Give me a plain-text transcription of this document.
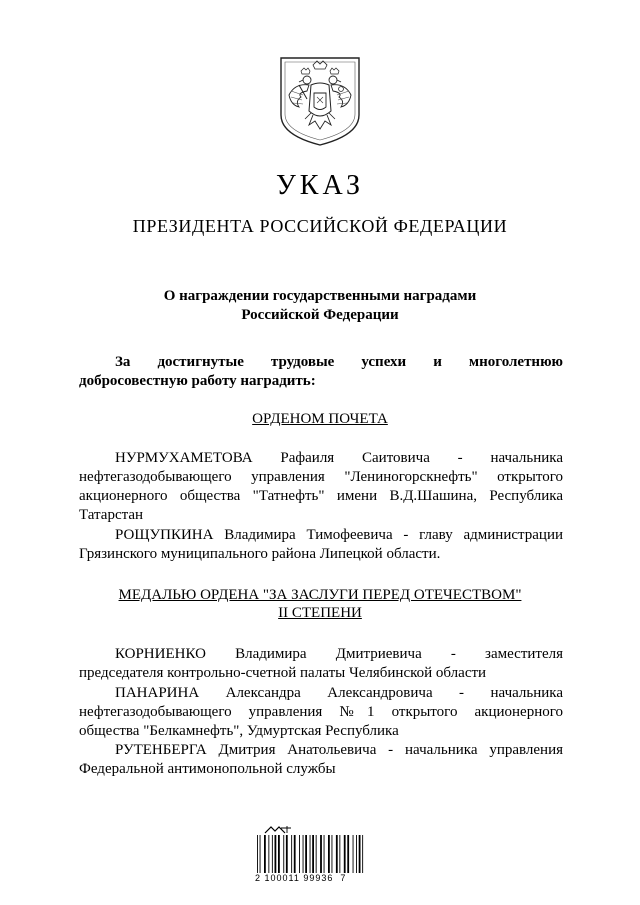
УКАЗ
ПРЕЗИДЕНТА РОССИЙСКОЙ ФЕДЕРАЦИИ
О награждении государственными наградами
Российской Федерации
За достигнутые трудовые успехи и многолетнюю
добросовестную работу наградить:
ОРДЕНОМ ПОЧЕТА
НУРМУХАМЕТОВА Рафаиля Саитовича - начальника
нефтегазодобывающего управления "Лениногорскнефть" открытого
акционерного общества "Татнефть" имени В.Д.Шашина, Республика
Татарстан
РОЩУПКИНА Владимира Тимофеевича - главу администрации
Грязинского муниципального района Липецкой области.
МЕДАЛЬЮ ОРДЕНА "ЗА ЗАСЛУГИ ПЕРЕД ОТЕЧЕСТВОМ"
II СТЕПЕНИ
КОРНИЕНКО Владимира Дмитриевича - заместителя
председателя контрольно-счетной палаты Челябинской области
ПАНАРИНА Александра Александровича - начальника
нефтегазодобывающего управления №1 открытого акционерного
общества "Белкамнефть", Удмуртская Республика
РУТЕНБЕРГА Дмитрия Анатольевича - начальника управления
Федеральной антимонопольной службы
2 100011 99936  7
